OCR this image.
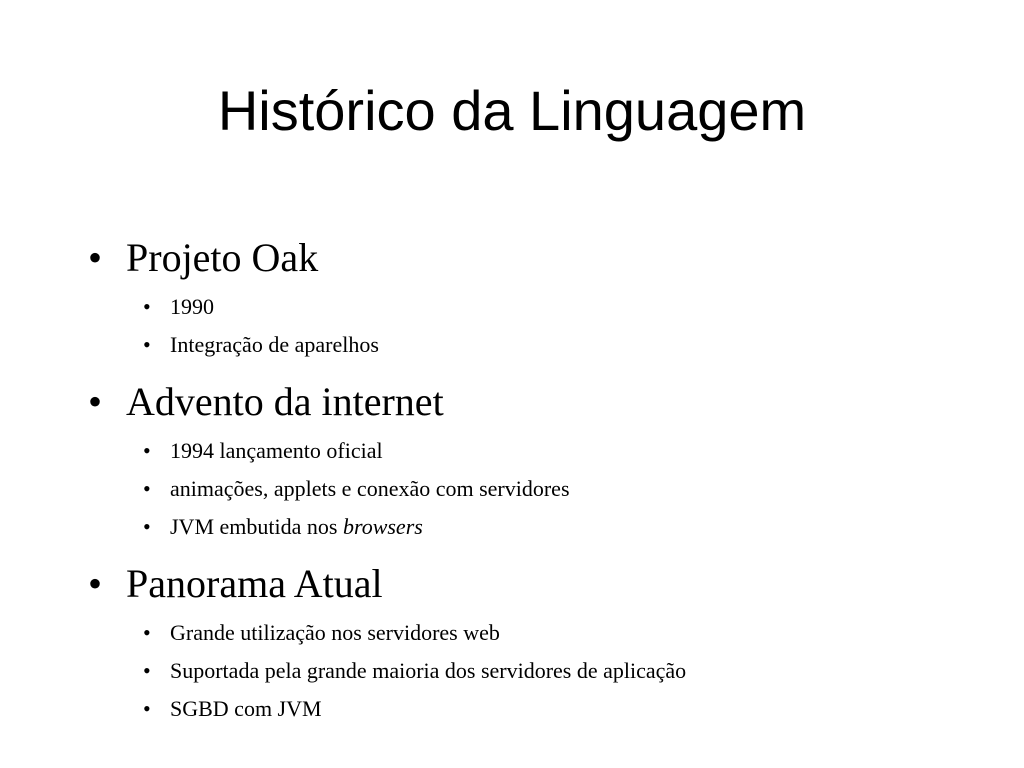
Histórico da Linguagem
• Projeto Oak
• 1990
• Integração de aparelhos
• Advento da internet
• 1994 lançamento oficial
• animações, applets e conexão com servidores
• JVM embutida nos browsers
• Panorama Atual
• Grande utilização nos servidores web
• Suportada pela grande maioria dos servidores de aplicação
• SGBD com JVM
